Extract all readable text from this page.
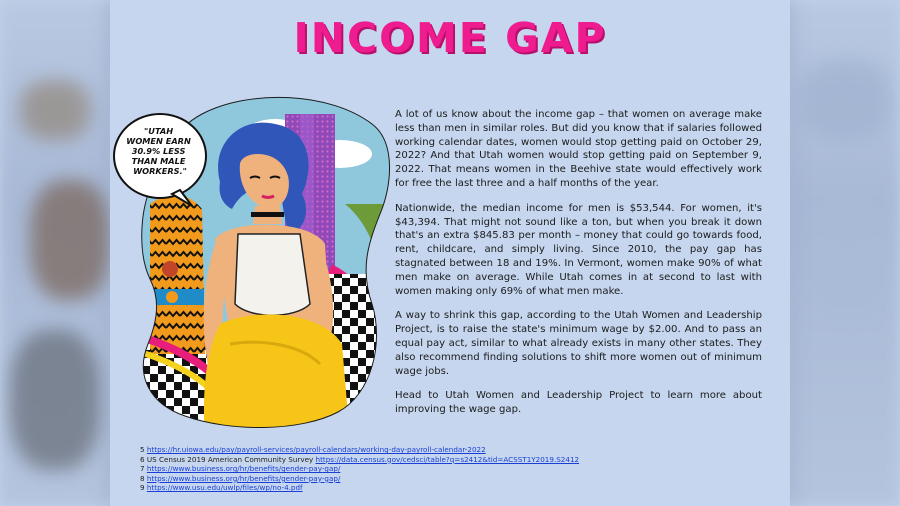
INCOME GAP
"UTAH WOMEN EARN 30.9% LESS THAN MALE WORKERS."

A lot of us know about the income gap – that women on average make less than men in similar roles. But did you know that if salaries followed working calendar dates, women would stop getting paid on October 29, 2022? And that Utah women would stop getting paid on September 9, 2022. That means women in the Beehive state would effectively work for free the last three and a half months of the year.

Nationwide, the median income for men is $53,544. For women, it's $43,394. That might not sound like a ton, but when you break it down that's an extra $845.83 per month – money that could go towards food, rent, childcare, and simply living. Since 2010, the pay gap has stagnated between 18 and 19%. In Vermont, women make 90% of what men make on average. While Utah comes in at second to last with women making only 69% of what men make.

A way to shrink this gap, according to the Utah Women and Leadership Project, is to raise the state's minimum wage by $2.00. And to pass an equal pay act, similar to what already exists in many other states. They also recommend finding solutions to shift more women out of minimum wage jobs.

Head to Utah Women and Leadership Project to learn more about improving the wage gap.

5 https://hr.uiowa.edu/pay/payroll-services/payroll-calendars/working-day-payroll-calendar-2022
6 US Census 2019 American Community Survey https://data.census.gov/cedsci/table?q=s2412&tid=ACSST1Y2019.S2412
7 https://www.business.org/hr/benefits/gender-pay-gap/
8 https://www.business.org/hr/benefits/gender-pay-gap/
9 https://www.usu.edu/uwlp/files/wp/no-4.pdf
